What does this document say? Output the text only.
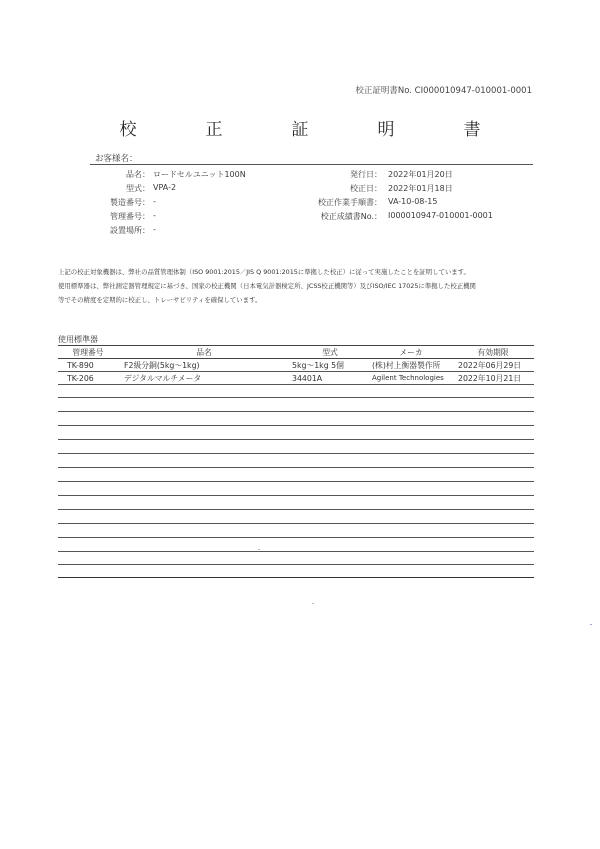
校正証明書No. CI000010947-010001-0001
校　正　証　明　書
お客様名：
品名： ロードセルユニット100N
型式： VPA-2
製造番号： -
管理番号： -
設置場所： -
発行日： 2022年01月20日
校正日： 2022年01月18日
校正作業手順書： VA-10-08-15
校正成績書No.： I000010947-010001-0001
上記の校正対象機器は、弊社の品質管理体制（ISO 9001:2015／JIS Q 9001:2015に準拠した校正）に従って実施したことを証明しています。
使用標準器は、弊社測定器管理規定に基づき、国家の校正機関（日本電気計器検定所、JCSS校正機関等）及びISO/IEC 17025に準拠した校正機関
等でその精度を定期的に校正し、トレーサビリティを確保しています。
使用標準器
管理番号	品名	型式	メーカ	有効期限
TK-890	F2級分銅(5kg～1kg)	5kg～1kg 5個	(株)村上衡器製作所	2022年06月29日
TK-206	デジタルマルチメータ	34401A	Agilent Technologies	2022年10月21日
